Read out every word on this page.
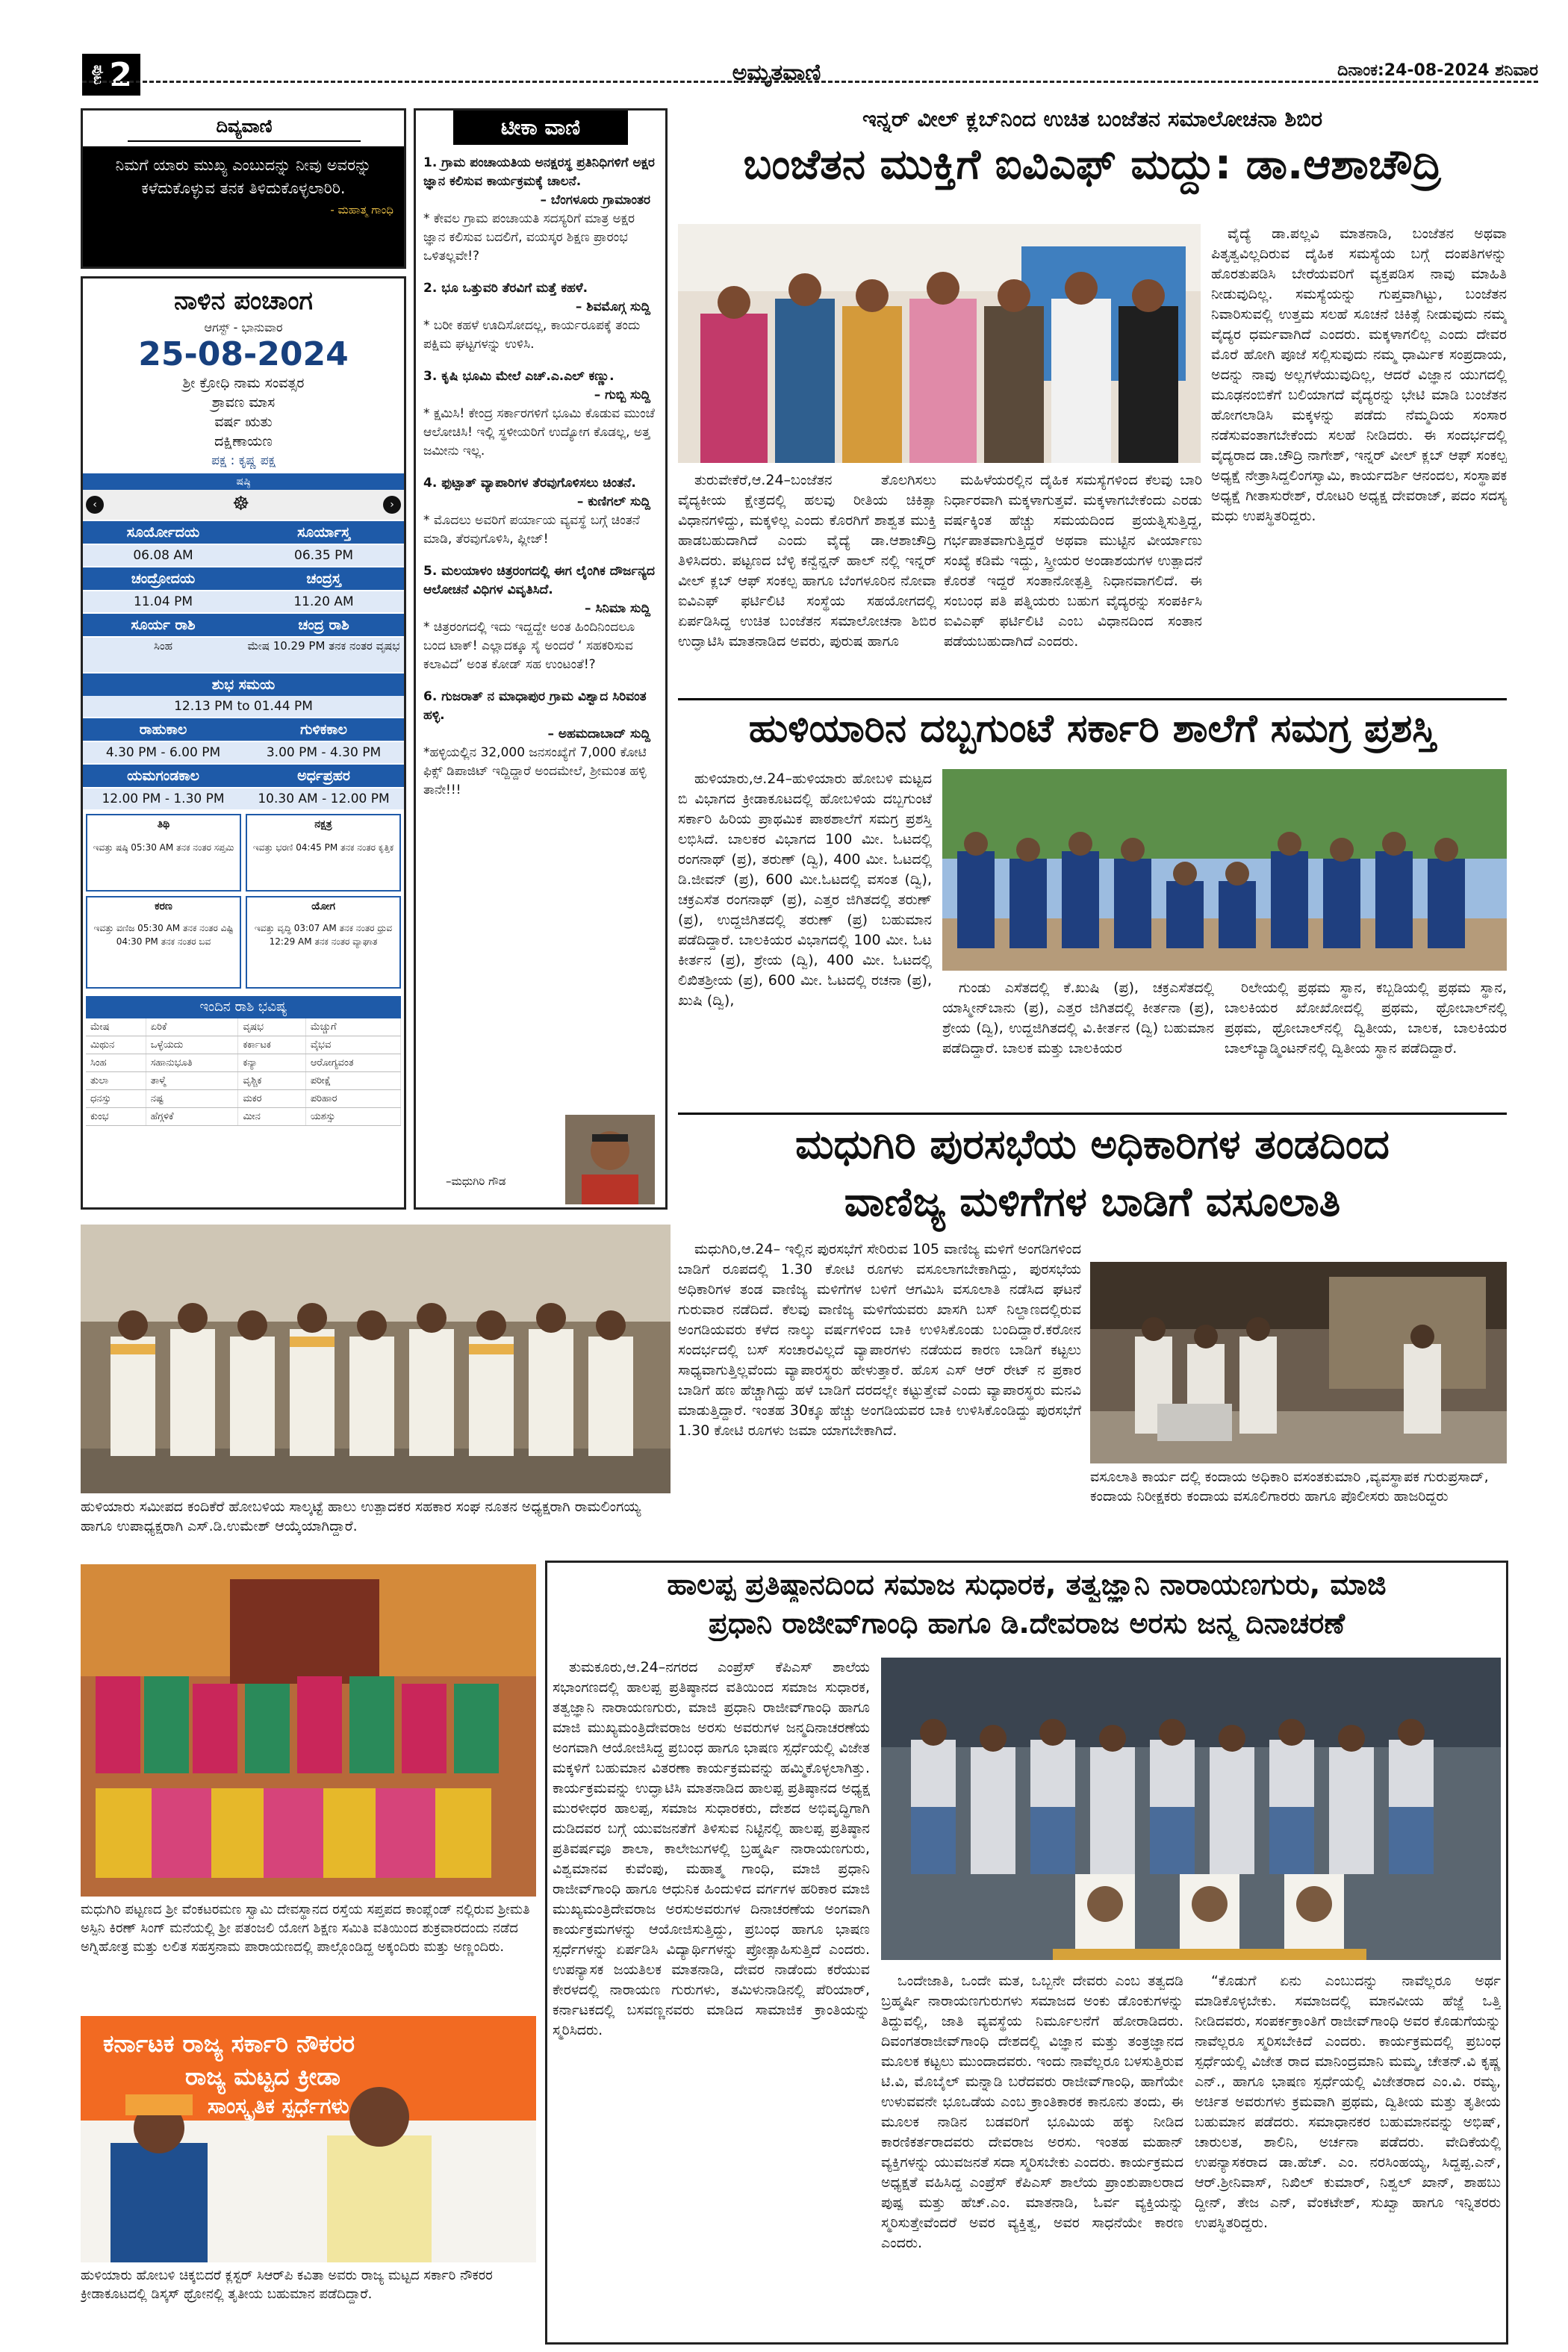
ಪುಟ 2	ಅಮೃತವಾಣಿ	ದಿನಾಂಕ:24-08-2024 ಶನಿವಾರ
ದಿವ್ಯವಾಣಿ
ನಿಮಗೆ ಯಾರು ಮುಖ್ಯ ಎಂಬುದನ್ನು ನೀವು ಅವರನ್ನು ಕಳೆದುಕೊಳ್ಳುವ ತನಕ ತಿಳಿದುಕೊಳ್ಳಲಾರಿರಿ.
- ಮಹಾತ್ಮ ಗಾಂಧಿ
ನಾಳಿನ ಪಂಚಾಂಗ
ಆಗಸ್ಟ್ - ಭಾನುವಾರ
25-08-2024
ಶ್ರೀ ಕ್ರೋಧಿ ನಾಮ ಸಂವತ್ಸರ
ಶ್ರಾವಣ ಮಾಸ
ವರ್ಷ ಋತು
ದಕ್ಷಿಣಾಯಣ
ಪಕ್ಷ : ಕೃಷ್ಣ ಪಕ್ಷ
ಷಷ್ಠಿ
‹	☸	›
ಸೂರ್ಯೋದಯ	ಸೂರ್ಯಾಸ್ತ
06.08 AM	06.35 PM
ಚಂದ್ರೋದಯ	ಚಂದ್ರಸ್ತ
11.04 PM	11.20 AM
ಸೂರ್ಯ ರಾಶಿ	ಚಂದ್ರ ರಾಶಿ
ಸಿಂಹ	ಮೇಷ 10.29 PM ತನಕ ನಂತರ ವೃಷಭ
ಶುಭ ಸಮಯ
12.13 PM to 01.44 PM
ರಾಹುಕಾಲ	ಗುಳಿಕಕಾಲ
4.30 PM - 6.00 PM	3.00 PM - 4.30 PM
ಯಮಗಂಡಕಾಲ	ಅರ್ಧಪ್ರಹರ
12.00 PM - 1.30 PM	10.30 AM - 12.00 PM
ತಿಥಿ
ಇವತ್ತು ಷಷ್ಠಿ 05:30 AM ತನಕ ನಂತರ ಸಪ್ತಮಿ
ನಕ್ಷತ್ರ
ಇವತ್ತು ಭರಣಿ 04:45 PM ತನಕ ನಂತರ ಕೃತ್ತಿಕ
ಕರಣ
ಇವತ್ತು ವಣಿಜ 05:30 AM ತನಕ ನಂತರ ವಿಷ್ಟಿ 04:30 PM ತನಕ ನಂತರ ಬವ
ಯೋಗ
ಇವತ್ತು ವೃದ್ಧಿ 03:07 AM ತನಕ ನಂತರ ಧ್ರುವ 12:29 AM ತನಕ ನಂತರ ವ್ಯಾಘಾತ
ಇಂದಿನ ರಾಶಿ ಭವಿಷ್ಯ
ಮೇಷ	ಏರಿಕೆ	ವೃಷಭ	ಮೆಚ್ಚುಗೆ
ಮಿಥುನ	ಒಳ್ಳೆಯದು	ಕರ್ಕಾಟಕ	ವೈಭವ
ಸಿಂಹ	ಸಹಾನುಭೂತಿ	ಕನ್ಯಾ	ಆರೋಗ್ಯವಂತ
ತುಲಾ	ತಾಳ್ಮೆ	ವೃಶ್ಚಿಕ	ಪರೀಕ್ಷೆ
ಧನಸ್ಸು	ನಷ್ಟ	ಮಕರ	ಪರಿಹಾರ
ಕುಂಭ	ಹೆಗ್ಗಳಿಕೆ	ಮೀನ	ಯಶಸ್ಸು
ಟೀಕಾ ವಾಣಿ
1. ಗ್ರಾಮ ಪಂಚಾಯತಿಯ ಅನಕ್ಷರಸ್ಥ ಪ್ರತಿನಿಧಿಗಳಿಗೆ ಅಕ್ಷರ ಜ್ಞಾನ ಕಲಿಸುವ ಕಾರ್ಯಕ್ರಮಕ್ಕೆ ಚಾಲನೆ.
– ಬೆಂಗಳೂರು ಗ್ರಾಮಾಂತರ
* ಕೇವಲ ಗ್ರಾಮ ಪಂಚಾಯತಿ ಸದಸ್ಯರಿಗೆ ಮಾತ್ರ ಅಕ್ಷರ ಜ್ಞಾನ ಕಲಿಸುವ ಬದಲಿಗೆ, ವಯಸ್ಕರ ಶಿಕ್ಷಣ ಪ್ರಾರಂಭ ಒಳಿತಲ್ಲವೇ!?
2. ಭೂ ಒತ್ತುವರಿ ತೆರವಿಗೆ ಮತ್ತೆ ಕಹಳೆ.
– ಶಿವಮೊಗ್ಗ ಸುದ್ದಿ
* ಬರೀ ಕಹಳೆ ಊದಿಸೋದಲ್ಲ, ಕಾರ್ಯರೂಪಕ್ಕೆ ತಂದು ಪಕ್ಷಿಮ ಘಟ್ಟಗಳನ್ನು ಉಳಿಸಿ.
3. ಕೃಷಿ ಭೂಮಿ ಮೇಲೆ ಎಚ್.ಎ.ಎಲ್ ಕಣ್ಣು.
– ಗುಬ್ಬಿ ಸುದ್ದಿ
* ಕ್ಷಮಿಸಿ! ಕೇಂದ್ರ ಸರ್ಕಾರಗಳಿಗೆ ಭೂಮಿ ಕೊಡುವ ಮುಂಚೆ ಆಲೋಚಿಸಿ! ಇಲ್ಲಿ ಸ್ಥಳೀಯರಿಗೆ ಉದ್ಯೋಗ ಕೊಡಲ್ಲ, ಅತ್ತ ಜಮೀನು ಇಲ್ಲ.
4. ಫುಟ್ಪಾತ್ ವ್ಯಾಪಾರಿಗಳ ತೆರವುಗೊಳಿಸಲು ಚಿಂತನೆ.
– ಕುಣಿಗಲ್ ಸುದ್ದಿ
* ಮೊದಲು ಅವರಿಗೆ ಪರ್ಯಾಯ ವ್ಯವಸ್ಥೆ ಬಗ್ಗೆ ಚಿಂತನೆ ಮಾಡಿ, ತೆರವುಗೊಳಿಸಿ, ಪ್ಲೀಜ್!
5. ಮಲಯಾಳಂ ಚಿತ್ರರಂಗದಲ್ಲಿ ಈಗ ಲೈಂಗಿಕ ದೌರ್ಜನ್ಯದ ಆಲೋಚನೆ ವಿಧಿಗಳ ವಿವೃತಿಸಿದೆ.
– ಸಿನಿಮಾ ಸುದ್ದಿ
* ಚಿತ್ರರಂಗದಲ್ಲಿ ಇದು ಇದ್ದದ್ದೇ ಅಂತ ಹಿಂದಿನಿಂದಲೂ ಬಂದ ಟಾಕ್! ಎಲ್ಲಾದಕ್ಕೂ ಸೈ ಅಂದರೆ ‘ ಸಹಕರಿಸುವ ಕಲಾವಿದೆ’ ಅಂತ ಕೋಡ್ ಸಹ ಉಂಟಂತೆ!?
6. ಗುಜರಾತ್ ನ ಮಾಧಾಪುರ ಗ್ರಾಮ ವಿಶ್ವಾದ ಸಿರಿವಂತ ಹಳ್ಳಿ.
– ಅಹಮದಾಬಾದ್ ಸುದ್ದಿ
*ಹಳ್ಳಿಯಲ್ಲಿನ 32,000 ಜನಸಂಖ್ಯೆಗೆ 7,000 ಕೋಟಿ ಫಿಕ್ಸ್ ಡಿಪಾಜಿಟ್ ಇದ್ದಿದ್ದಾರೆ ಅಂದಮೇಲೆ, ಶ್ರೀಮಂತ ಹಳ್ಳಿ ತಾನೇ!!!
–ಮಧುಗಿರಿ ಗೌಡ
ಇನ್ನರ್ ವೀಲ್ ಕ್ಲಬ್‌ನಿಂದ ಉಚಿತ ಬಂಜೆತನ ಸಮಾಲೋಚನಾ ಶಿಬಿರ
ಬಂಜೆತನ ಮುಕ್ತಿಗೆ ಐವಿಎಫ್ ಮದ್ದು: ಡಾ.ಆಶಾಚೌದ್ರಿ

ವೈದ್ಯೆ ಡಾ.ಪಲ್ಲವಿ ಮಾತನಾಡಿ, ಬಂಜೆತನ ಅಥವಾ ಪಿತೃತ್ವವಿಲ್ಲದಿರುವ ದೈಹಿಕ ಸಮಸ್ಯೆಯ ಬಗ್ಗೆ ದಂಪತಿಗಳನ್ನು ಹೊರತುಪಡಿಸಿ ಬೇರೆಯವರಿಗೆ ವ್ಯಕ್ತಪಡಿಸ ನಾವು ಮಾಹಿತಿ ನೀಡುವುದಿಲ್ಲ. ಸಮಸ್ಯೆಯನ್ನು ಗುಪ್ತವಾಗಿಟ್ಟು, ಬಂಜೆತನ ನಿವಾರಿಸುವಲ್ಲಿ ಉತ್ತಮ ಸಲಹೆ ಸೂಚನೆ ಚಿಕಿತ್ಸೆ ನೀಡುವುದು ನಮ್ಮ ವೈದ್ಯರ ಧರ್ಮವಾಗಿದೆ ಎಂದರು. ಮಕ್ಕಳಾಗಲಿಲ್ಲ ಎಂದು ದೇವರ ಮೊರೆ ಹೋಗಿ ಪೂಜೆ ಸಲ್ಲಿಸುವುದು ನಮ್ಮ ಧಾರ್ಮಿಕ ಸಂಪ್ರದಾಯ, ಅದನ್ನು ನಾವು ಅಲ್ಲಗಳೆಯುವುದಿಲ್ಲ, ಆದರೆ ವಿಜ್ಞಾನ ಯುಗದಲ್ಲಿ ಮೂಢನಂಬಿಕೆಗೆ ಬಲಿಯಾಗದೆ ವೈದ್ಯರನ್ನು ಭೇಟಿ ಮಾಡಿ ಬಂಜೆತನ ಹೋಗಲಾಡಿಸಿ ಮಕ್ಕಳನ್ನು ಪಡೆದು ನೆಮ್ಮದಿಯ ಸಂಸಾರ ನಡೆಸುವಂತಾಗಬೇಕೆಂದು ಸಲಹೆ ನೀಡಿದರು. ಈ ಸಂದರ್ಭದಲ್ಲಿ ವೈದ್ಯರಾದ ಡಾ.ಚೌದ್ರಿ ನಾಗೇಶ್, ಇನ್ನರ್ ವೀಲ್ ಕ್ಲಬ್ ಆಫ್ ಸಂಕಲ್ಪ ಅಧ್ಯಕ್ಷೆ ನೇತ್ರಾಸಿದ್ದಲಿಂಗಸ್ವಾಮಿ, ಕಾರ್ಯದರ್ಶಿ ಆನಂದಲ, ಸಂಸ್ಥಾಪಕ ಅಧ್ಯಕ್ಷೆ ಗೀತಾಸುರೇಶ್, ರೋಟರಿ ಅಧ್ಯಕ್ಷ ದೇವರಾಜ್, ಪದಂ ಸದಸ್ಯ ಮಧು ಉಪಸ್ಥಿತರಿದ್ದರು.

ತುರುವೇಕೆರೆ,ಆ.24–ಬಂಜೆತನ ತೊಲಗಿಸಲು ವೈದ್ಯಕೀಯ ಕ್ಷೇತ್ರದಲ್ಲಿ ಹಲವು ರೀತಿಯ ಚಿಕಿತ್ಸಾ ವಿಧಾನಗಳಿದ್ದು, ಮಕ್ಕಳಿಲ್ಲ ಎಂದು ಕೊರಗಿಗೆ ಶಾಶ್ವತ ಮುಕ್ತಿ ಹಾಡಬಹುದಾಗಿದೆ ಎಂದು ವೈದ್ಯೆ ಡಾ.ಆಶಾಚೌದ್ರಿ ತಿಳಿಸಿದರು. ಪಟ್ಟಣದ ಬೆಳ್ಳಿ ಕನ್ವೆನ್ಷನ್ ಹಾಲ್ ನಲ್ಲಿ ಇನ್ನರ್ ವೀಲ್ ಕ್ಲಬ್ ಆಫ್ ಸಂಕಲ್ಪ ಹಾಗೂ ಬೆಂಗಳೂರಿನ ನೋವಾ ಐವಿಎಫ್ ಫರ್ಟಿಲಿಟಿ ಸಂಸ್ಥೆಯ ಸಹಯೋಗದಲ್ಲಿ ಏರ್ಪಡಿಸಿದ್ದ ಉಚಿತ ಬಂಜೆತನ ಸಮಾಲೋಚನಾ ಶಿಬಿರ ಉದ್ಘಾಟಿಸಿ ಮಾತನಾಡಿದ ಅವರು, ಪುರುಷ ಹಾಗೂ

ಮಹಿಳೆಯರಲ್ಲಿನ ದೈಹಿಕ ಸಮಸ್ಯೆಗಳಿಂದ ಕೆಲವು ಬಾರಿ ನಿರ್ಧಾರವಾಗಿ ಮಕ್ಕಳಾಗುತ್ತವೆ. ಮಕ್ಕಳಾಗಬೇಕೆಂದು ಎರಡು ವರ್ಷಕ್ಕಿಂತ ಹೆಚ್ಚು ಸಮಯದಿಂದ ಪ್ರಯತ್ನಿಸುತ್ತಿದ್ದ, ಗರ್ಭಪಾತವಾಗುತ್ತಿದ್ದರೆ ಅಥವಾ ಮುಟ್ಟಿನ ವೀರ್ಯಾಣು ಸಂಖ್ಯೆ ಕಡಿಮೆ ಇದ್ದು, ಸ್ತ್ರೀಯರ ಅಂಡಾಶಯಗಳ ಉತ್ಪಾದನೆ ಕೊರತೆ ಇದ್ದರೆ ಸಂತಾನೋತ್ಪತ್ತಿ ನಿಧಾನವಾಗಲಿದೆ. ಈ ಸಂಬಂಧ ಪತಿ ಪತ್ನಿಯರು ಬಹುಗ ವೈದ್ಯರನ್ನು ಸಂಪರ್ಕಿಸಿ ಐವಿಎಫ್ ಫರ್ಟಿಲಿಟಿ ಎಂಬ ವಿಧಾನದಿಂದ ಸಂತಾನ ಪಡೆಯಬಹುದಾಗಿದೆ ಎಂದರು.

ಹುಳಿಯಾರಿನ ದಬ್ಬಗುಂಟೆ ಸರ್ಕಾರಿ ಶಾಲೆಗೆ ಸಮಗ್ರ ಪ್ರಶಸ್ತಿ

ಹುಳಿಯಾರು,ಆ.24–ಹುಳಿಯಾರು ಹೋಬಳಿ ಮಟ್ಟದ ಬಿ ವಿಭಾಗದ ಕ್ರೀಡಾಕೂಟದಲ್ಲಿ ಹೋಬಳಿಯ ದಬ್ಬಗುಂಟೆ ಸರ್ಕಾರಿ ಹಿರಿಯ ಪ್ರಾಥಮಿಕ ಪಾಠಶಾಲೆಗೆ ಸಮಗ್ರ ಪ್ರಶಸ್ತಿ ಲಭಿಸಿದೆ. ಬಾಲಕರ ವಿಭಾಗದ 100 ಮೀ. ಓಟದಲ್ಲಿ ರಂಗನಾಥ್ (ಪ್ರ), ತರುಣ್ (ದ್ವಿ), 400 ಮೀ. ಓಟದಲ್ಲಿ ಡಿ.ಜೀವನ್ (ಪ್ರ), 600 ಮೀ.ಓಟದಲ್ಲಿ ವಸಂತ (ದ್ವಿ), ಚಕ್ರಎಸೆತ ರಂಗನಾಥ್ (ಪ್ರ), ಎತ್ತರ ಜಿಗಿತದಲ್ಲಿ ತರುಣ್ (ಪ್ರ), ಉದ್ದಜಿಗಿತದಲ್ಲಿ ತರುಣ್ (ಪ್ರ) ಬಹುಮಾನ ಪಡೆದಿದ್ದಾರೆ. ಬಾಲಕಿಯರ ವಿಭಾಗದಲ್ಲಿ 100 ಮೀ. ಓಟ ಕೀರ್ತನ (ಪ್ರ), ಶ್ರೇಯ (ದ್ವಿ), 400 ಮೀ. ಓಟದಲ್ಲಿ ಲಿಖಿತಶ್ರೀಯ (ಪ್ರ), 600 ಮೀ. ಓಟದಲ್ಲಿ ರಚನಾ (ಪ್ರ), ಖುಷಿ (ದ್ವಿ),

ಗುಂಡು ಎಸೆತದಲ್ಲಿ ಕೆ.ಖುಷಿ (ಪ್ರ), ಚಕ್ರಎಸೆತದಲ್ಲಿ ಯಾಸ್ಮೀನ್‌ಬಾನು (ಪ್ರ), ಎತ್ತರ ಜಿಗಿತದಲ್ಲಿ ಕೀರ್ತನಾ (ಪ್ರ), ಶ್ರೇಯ (ದ್ವಿ), ಉದ್ದಜಿಗಿತದಲ್ಲಿ ವಿ.ಕೀರ್ತನ (ದ್ವಿ) ಬಹುಮಾನ ಪಡೆದಿದ್ದಾರೆ. ಬಾಲಕ ಮತ್ತು ಬಾಲಕಿಯರ

ರಿಲೇಯಲ್ಲಿ ಪ್ರಥಮ ಸ್ಥಾನ, ಕಬ್ಬಡಿಯಲ್ಲಿ ಪ್ರಥಮ ಸ್ಥಾನ, ಬಾಲಕಿಯರ ಖೋಖೋದಲ್ಲಿ ಪ್ರಥಮ, ಥ್ರೋಬಾಲ್‌ನಲ್ಲಿ ಪ್ರಥಮ, ಥ್ರೋಬಾಲ್‌ನಲ್ಲಿ ದ್ವಿತೀಯ, ಬಾಲಕ, ಬಾಲಕಿಯರ ಬಾಲ್‌ಬ್ಯಾಡ್ಮಿಂಟನ್‌ನಲ್ಲಿ ದ್ವಿತೀಯ ಸ್ಥಾನ ಪಡೆದಿದ್ದಾರೆ.

ಮಧುಗಿರಿ ಪುರಸಭೆಯ ಅಧಿಕಾರಿಗಳ ತಂಡದಿಂದ
ವಾಣಿಜ್ಯ ಮಳಿಗೆಗಳ ಬಾಡಿಗೆ ವಸೂಲಾತಿ
ಹುಳಿಯಾರು ಸಮೀಪದ ಕಂದಿಕೆರೆ ಹೋಬಳಿಯ ಸಾಲ್ಕಟ್ಟೆ ಹಾಲು ಉತ್ಪಾದಕರ ಸಹಕಾರ ಸಂಘ ನೂತನ ಅಧ್ಯಕ್ಷರಾಗಿ ರಾಮಲಿಂಗಯ್ಯ ಹಾಗೂ ಉಪಾಧ್ಯಕ್ಷರಾಗಿ ಎಸ್.ಡಿ.ಉಮೇಶ್ ಆಯ್ಕೆಯಾಗಿದ್ದಾರೆ.

ಮಧುಗಿರಿ,ಆ.24– ಇಲ್ಲಿನ ಪುರಸಭೆಗೆ ಸೇರಿರುವ 105 ವಾಣಿಜ್ಯ ಮಳಿಗೆ ಅಂಗಡಿಗಳಿಂದ ಬಾಡಿಗೆ ರೂಪದಲ್ಲಿ 1.30 ಕೋಟಿ ರೂಗಳು ವಸೂಲಾಗಬೇಕಾಗಿದ್ದು, ಪುರಸಭೆಯ ಅಧಿಕಾರಿಗಳ ತಂಡ ವಾಣಿಜ್ಯ ಮಳಿಗೆಗಳ ಬಳಿಗೆ ಆಗಮಿಸಿ ವಸೂಲಾತಿ ನಡೆಸಿದ ಘಟನೆ ಗುರುವಾರ ನಡೆದಿದೆ. ಕೆಲವು ವಾಣಿಜ್ಯ ಮಳಿಗೆಯವರು ಖಾಸಗಿ ಬಸ್ ನಿಲ್ದಾಣದಲ್ಲಿರುವ ಅಂಗಡಿಯವರು ಕಳೆದ ನಾಲ್ಕು ವರ್ಷಗಳಿಂದ ಬಾಕಿ ಉಳಿಸಿಕೊಂಡು ಬಂದಿದ್ದಾರೆ.ಕರೋನ ಸಂದರ್ಭದಲ್ಲಿ ಬಸ್ ಸಂಚಾರವಿಲ್ಲದೆ ವ್ಯಾಪಾರಗಳು ನಡೆಯದ ಕಾರಣ ಬಾಡಿಗೆ ಕಟ್ಟಲು ಸಾಧ್ಯವಾಗುತ್ತಿಲ್ಲವೆಂದು ವ್ಯಾಪಾರಸ್ಥರು ಹೇಳುತ್ತಾರೆ. ಹೊಸ ಎಸ್ ಆರ್ ರೇಟ್ ನ ಪ್ರಕಾರ ಬಾಡಿಗೆ ಹಣ ಹೆಚ್ಚಾಗಿದ್ದು ಹಳೆ ಬಾಡಿಗೆ ದರದಲ್ಲೇ ಕಟ್ಟುತ್ತೇವೆ ಎಂದು ವ್ಯಾಪಾರಸ್ಥರು ಮನವಿ ಮಾಡುತ್ತಿದ್ದಾರೆ. ಇಂತಹ 30ಕ್ಕೂ ಹೆಚ್ಚು ಅಂಗಡಿಯವರ ಬಾಕಿ ಉಳಿಸಿಕೊಂಡಿದ್ದು ಪುರಸಭೆಗೆ 1.30 ಕೋಟಿ ರೂಗಳು ಜಮಾ ಯಾಗಬೇಕಾಗಿದೆ.

ವಸೂಲಾತಿ ಕಾರ್ಯ ದಲ್ಲಿ ಕಂದಾಯ ಅಧಿಕಾರಿ ವಸಂತಕುಮಾರಿ ,ವ್ಯವಸ್ಥಾಪಕ ಗುರುಪ್ರಸಾದ್, ಕಂದಾಯ ನಿರೀಕ್ಷಕರು ಕಂದಾಯ ವಸೂಲಿಗಾರರು ಹಾಗೂ ಪೊಲೀಸರು ಹಾಜರಿದ್ದರು
ಮಧುಗಿರಿ ಪಟ್ಟಣದ ಶ್ರೀ ವೆಂಕಟರಮಣ ಸ್ವಾಮಿ ದೇವಸ್ಥಾನದ ರಸ್ತೆಯ ಸಪ್ತಪದ ಕಾಂಪ್ಲೆಂಡ್ ನಲ್ಲಿರುವ ಶ್ರೀಮತಿ ಅಸ್ಪಿನಿ ಕಿರಣ್ ಸಿಂಗ್ ಮನೆಯಲ್ಲಿ ಶ್ರೀ ಪತಂಜಲಿ ಯೋಗ ಶಿಕ್ಷಣ ಸಮಿತಿ ವತಿಯಿಂದ ಶುಕ್ರವಾರದಂದು ನಡೆದ ಅಗ್ನಿಹೋತ್ರ ಮತ್ತು ಲಲಿತ ಸಹಸ್ರನಾಮ ಪಾರಾಯಣದಲ್ಲಿ ಪಾಲ್ಗೊಂಡಿದ್ದ ಅಕ್ಕಂದಿರು ಮತ್ತು ಅಣ್ಣಂದಿರು.
ಕರ್ನಾಟಕ ರಾಜ್ಯ ಸರ್ಕಾರಿ ನೌಕರರ
ರಾಜ್ಯ ಮಟ್ಟದ ಕ್ರೀಡಾ
ಸಾಂಸ್ಕೃತಿಕ ಸ್ಪರ್ಧೆಗಳು
ಹುಳಿಯಾರು ಹೋಬಳಿ ಚಿಕ್ಕಬಿದರೆ ಕ್ಲಸ್ಟರ್ ಸಿಆರ್‌ಪಿ ಕವಿತಾ ಅವರು ರಾಜ್ಯ ಮಟ್ಟದ ಸರ್ಕಾರಿ ನೌಕರರ ಕ್ರೀಡಾಕೂಟದಲ್ಲಿ ಡಿಸ್ಕಸ್ ಥ್ರೋನಲ್ಲಿ ತೃತೀಯ ಬಹುಮಾನ ಪಡೆದಿದ್ದಾರೆ.
ಹಾಲಪ್ಪ ಪ್ರತಿಷ್ಠಾನದಿಂದ ಸಮಾಜ ಸುಧಾರಕ, ತತ್ವಜ್ಞಾನಿ ನಾರಾಯಣಗುರು, ಮಾಜಿ
ಪ್ರಧಾನಿ ರಾಜೀವ್‌ಗಾಂಧಿ ಹಾಗೂ ಡಿ.ದೇವರಾಜ ಅರಸು ಜನ್ಮ ದಿನಾಚರಣೆ

ತುಮಕೂರು,ಆ.24–ನಗರದ ಎಂಪ್ರೆಸ್ ಕೆಪಿಎಸ್ ಶಾಲೆಯ ಸಭಾಂಗಣದಲ್ಲಿ ಹಾಲಪ್ಪ ಪ್ರತಿಷ್ಠಾನದ ವತಿಯಿಂದ ಸಮಾಜ ಸುಧಾರಕ, ತತ್ವಜ್ಞಾನಿ ನಾರಾಯಣಗುರು, ಮಾಜಿ ಪ್ರಧಾನಿ ರಾಜೀವ್‌ಗಾಂಧಿ ಹಾಗೂ ಮಾಜಿ ಮುಖ್ಯಮಂತ್ರಿದೇವರಾಜ ಅರಸು ಅವರುಗಳ ಜನ್ಮದಿನಾಚರಣೆಯ ಅಂಗವಾಗಿ ಆಯೋಜಿಸಿದ್ದ ಪ್ರಬಂಧ ಹಾಗೂ ಭಾಷಣ ಸ್ಪರ್ಧೆಯಲ್ಲಿ ವಿಜೇತ ಮಕ್ಕಳಿಗೆ ಬಹುಮಾನ ವಿತರಣಾ ಕಾರ್ಯಕ್ರಮವನ್ನು ಹಮ್ಮಿಕೊಳ್ಳಲಾಗಿತ್ತು. ಕಾರ್ಯಕ್ರಮವನ್ನು ಉದ್ಘಾಟಿಸಿ ಮಾತನಾಡಿದ ಹಾಲಪ್ಪ ಪ್ರತಿಷ್ಠಾನದ ಅಧ್ಯಕ್ಷ ಮುರಳೀಧರ ಹಾಲಪ್ಪ, ಸಮಾಜ ಸುಧಾರಕರು, ದೇಶದ ಅಭಿವೃದ್ಧಿಗಾಗಿ ದುಡಿದವರ ಬಗ್ಗೆ ಯುವಜನತೆಗೆ ತಿಳಿಸುವ ನಿಟ್ಟಿನಲ್ಲಿ ಹಾಲಪ್ಪ ಪ್ರತಿಷ್ಠಾನ ಪ್ರತಿವರ್ಷವೂ ಶಾಲಾ, ಕಾಲೇಜುಗಳಲ್ಲಿ ಬ್ರಹ್ಮರ್ಷಿ ನಾರಾಯಣಗುರು, ವಿಶ್ವಮಾನವ ಕುವೆಂಪು, ಮಹಾತ್ಮ ಗಾಂಧಿ, ಮಾಜಿ ಪ್ರಧಾನಿ ರಾಜೀವ್‌ಗಾಂಧಿ ಹಾಗೂ ಆಧುನಿಕ ಹಿಂದುಳಿದ ವರ್ಗಗಳ ಹರಿಕಾರ ಮಾಜಿ ಮುಖ್ಯಮಂತ್ರಿದೇವರಾಜ ಅರಸುಅವರುಗಳ ದಿನಾಚರಣೆಯ ಅಂಗವಾಗಿ ಕಾರ್ಯಕ್ರಮಗಳನ್ನು ಆಯೋಜಿಸುತ್ತಿದ್ದು, ಪ್ರಬಂಧ ಹಾಗೂ ಭಾಷಣ ಸ್ಪರ್ಧೆಗಳನ್ನು ಏರ್ಪಡಿಸಿ ವಿದ್ಯಾರ್ಥಿಗಳನ್ನು ಪ್ರೋತ್ಸಾಹಿಸುತ್ತಿದೆ ಎಂದರು. ಉಪನ್ಯಾಸಕ ಜಯತಿಲಕ ಮಾತನಾಡಿ, ದೇವರ ನಾಡೆಂದು ಕರೆಯುವ ಕೇರಳದಲ್ಲಿ ನಾರಾಯಣ ಗುರುಗಳು, ತಮಿಳುನಾಡಿನಲ್ಲಿ ಪೆರಿಯಾರ್, ಕರ್ನಾಟಕದಲ್ಲಿ ಬಸವಣ್ಣನವರು ಮಾಡಿದ ಸಾಮಾಜಿಕ ಕ್ರಾಂತಿಯನ್ನು ಸ್ಮರಿಸಿದರು.

ಒಂದೇಜಾತಿ, ಒಂದೇ ಮತ, ಒಬ್ಬನೇ ದೇವರು ಎಂಬ ತತ್ವದಡಿ ಬ್ರಹ್ಮರ್ಷಿ ನಾರಾಯಣಗುರುಗಳು ಸಮಾಜದ ಅಂಕು ಡೊಂಕುಗಳನ್ನು ತಿದ್ದುವಲ್ಲಿ, ಜಾತಿ ವ್ಯವಸ್ಥೆಯ ನಿರ್ಮೂಲನೆಗೆ ಹೋರಾಡಿದರು. ದಿವಂಗತರಾಜೀವ್‌ಗಾಂಧಿ ದೇಶದಲ್ಲಿ ವಿಜ್ಞಾನ ಮತ್ತು ತಂತ್ರಜ್ಞಾನದ ಮೂಲಕ ಕಟ್ಟಲು ಮುಂದಾದವರು. ಇಂದು ನಾವೆಲ್ಲರೂ ಬಳಸುತ್ತಿರುವ ಟಿ.ವಿ, ಮೊಬೈಲ್ ಮನ್ನಾಡಿ ಬರೆದವರು ರಾಜೀವ್‌ಗಾಂಧಿ, ಹಾಗೆಯೇ ಉಳುವವನೇ ಭೂಒಡೆಯ ಎಂಬ ಕ್ರಾಂತಿಕಾರಕ ಕಾನೂನು ತಂದು, ಈ ಮೂಲಕ ನಾಡಿನ ಬಡವರಿಗೆ ಭೂಮಿಯ ಹಕ್ಕು ನೀಡಿದ ಕಾರಣಿಕರ್ತರಾದವರು ದೇವರಾಜ ಅರಸು. ಇಂತಹ ಮಹಾನ್ ವ್ಯಕ್ತಿಗಳನ್ನು ಯುವಜನತೆ ಸದಾ ಸ್ಮರಿಸಬೇಕು ಎಂದರು. ಕಾರ್ಯಕ್ರಮದ ಅಧ್ಯಕ್ಷತೆ ವಹಿಸಿದ್ದ ಎಂಪ್ರೆಸ್ ಕೆಪಿಎಸ್ ಶಾಲೆಯ ಪ್ರಾಂಶುಪಾಲರಾದ ಪುಷ್ಪ ಮತ್ತು ಹೆಚ್.ಎಂ. ಮಾತನಾಡಿ, ಓರ್ವ ವ್ಯಕ್ತಿಯನ್ನು ಸ್ಮರಿಸುತ್ತೇವೆಂದರೆ ಅವರ ವ್ಯಕ್ತಿತ್ವ, ಅವರ ಸಾಧನೆಯೇ ಕಾರಣ ಎಂದರು.

“ಕೊಡುಗೆ ಏನು ಎಂಬುದನ್ನು ನಾವೆಲ್ಲರೂ ಅರ್ಥ ಮಾಡಿಕೊಳ್ಳಬೇಕು. ಸಮಾಜದಲ್ಲಿ ಮಾನವೀಯ ಹೆಜ್ಜೆ ಒತ್ತಿ ನೀಡಿದವರು, ಸಂಪರ್ಕಕ್ರಾಂತಿಗೆ ರಾಜೀವ್‌ಗಾಂಧಿ ಅವರ ಕೊಡುಗೆಯನ್ನು ನಾವೆಲ್ಲರೂ ಸ್ಮರಿಸಬೇಕಿದೆ ಎಂದರು. ಕಾರ್ಯಕ್ರಮದಲ್ಲಿ ಪ್ರಬಂಧ ಸ್ಪರ್ಧೆಯಲ್ಲಿ ವಿಜೇತ ರಾದ ಮಾನಿಂದ್ರಮಾನಿ ಮಮ್ಮ, ಚೇತನ್.ವಿ ಕೃಷ್ಣ ಎನ್., ಹಾಗೂ ಭಾಷಣ ಸ್ಪರ್ಧೆಯಲ್ಲಿ ವಿಜೇತರಾದ ಎಂ.ವಿ. ರಮ್ಯ, ಅರ್ಚಿತ ಅವರುಗಳು ಕ್ರಮವಾಗಿ ಪ್ರಥಮ, ದ್ವಿತೀಯ ಮತ್ತು ತೃತೀಯ ಬಹುಮಾನ ಪಡೆದರು. ಸಮಾಧಾನಕರ ಬಹುಮಾನವನ್ನು ಅಭಿಷ್, ಚಾರುಲತ, ಶಾಲಿನಿ, ಅರ್ಚನಾ ಪಡೆದರು. ವೇದಿಕೆಯಲ್ಲಿ ಉಪನ್ಯಾಸಕರಾದ ಡಾ.ಹೆಚ್. ಎಂ. ನರಸಿಂಹಯ್ಯ, ಸಿದ್ದಪ್ಪ.ಎನ್, ಆರ್.ಶ್ರೀನಿವಾಸ್, ನಿಖಿಲ್ ಕುಮಾರ್, ನಿಶ್ವಲ್ ಖಾನ್, ಶಾಹಬು ದ್ದೀನ್, ತೇಜ ಎನ್, ವೆಂಕಟೇಶ್, ಸುಖ್ವಾ ಹಾಗೂ ಇನ್ನಿತರರು ಉಪಸ್ಥಿತರಿದ್ದರು.
